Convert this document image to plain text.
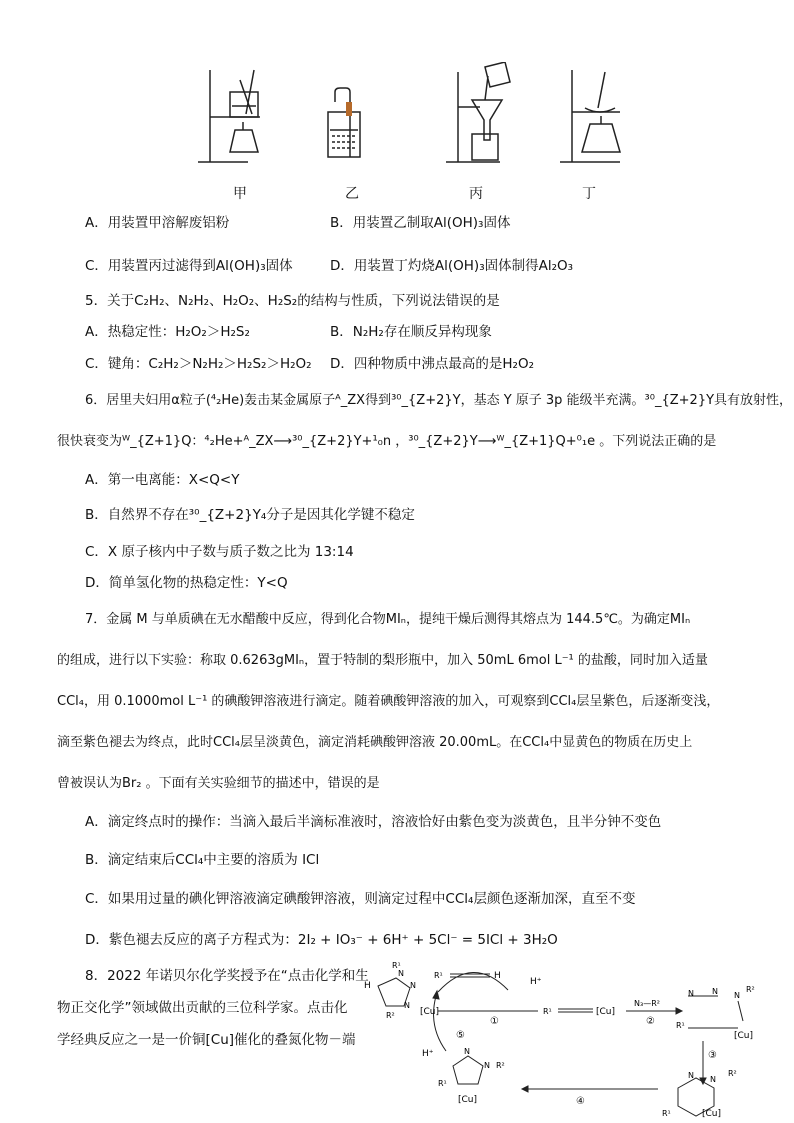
甲	乙	丙	丁
A．用装置甲溶解废铝粉	B．用装置乙制取Al(OH)₃固体
C．用装置丙过滤得到Al(OH)₃固体	D．用装置丁灼烧Al(OH)₃固体制得Al₂O₃
5．关于C₂H₂、N₂H₂、H₂O₂、H₂S₂的结构与性质，下列说法错误的是
A．热稳定性：H₂O₂＞H₂S₂	B．N₂H₂存在顺反异构现象
C．键角：C₂H₂＞N₂H₂＞H₂S₂＞H₂O₂ D．四种物质中沸点最高的是H₂O₂
6．居里夫妇用α粒子(⁴₂He)轰击某金属原子ᴬ_ZX得到³⁰_{Z+2}Y，基态 Y 原子 3p 能级半充满。³⁰_{Z+2}Y具有放射性，
很快衰变为ᵂ_{Z+1}Q：⁴₂He+ᴬ_ZX⟶³⁰_{Z+2}Y+¹₀n ，³⁰_{Z+2}Y⟶ᵂ_{Z+1}Q+⁰₁e 。下列说法正确的是
A．第一电离能：X<Q<Y
B．自然界不存在³⁰_{Z+2}Y₄分子是因其化学键不稳定
C．X 原子核内中子数与质子数之比为 13:14
D．简单氢化物的热稳定性：Y<Q
7．金属 M 与单质碘在无水醋酸中反应，得到化合物MIₙ，提纯干燥后测得其熔点为 144.5℃。为确定MIₙ
的组成，进行以下实验：称取 0.6263gMIₙ，置于特制的梨形瓶中，加入 50mL 6mol L⁻¹ 的盐酸，同时加入适量
CCl₄，用 0.1000mol L⁻¹ 的碘酸钾溶液进行滴定。随着碘酸钾溶液的加入，可观察到CCl₄层呈紫色，后逐渐变浅，
滴至紫色褪去为终点，此时CCl₄层呈淡黄色，滴定消耗碘酸钾溶液 20.00mL。在CCl₄中显黄色的物质在历史上
曾被误认为Br₂ 。下面有关实验细节的描述中，错误的是
A．滴定终点时的操作：当滴入最后半滴标准液时，溶液恰好由紫色变为淡黄色，且半分钟不变色
B．滴定结束后CCl₄中主要的溶质为 ICl
C．如果用过量的碘化钾溶液滴定碘酸钾溶液，则滴定过程中CCl₄层颜色逐渐加深，直至不变
D．紫色褪去反应的离子方程式为：2I₂ + IO₃⁻ + 6H⁺ + 5Cl⁻ = 5ICl + 3H₂O
8．2022 年诺贝尔化学奖授予在“点击化学和生
物正交化学”领域做出贡献的三位科学家。点击化
学经典反应之一是一价铜[Cu]催化的叠氮化物－端
N
N
N
R¹
H
R²
R¹	H
H⁺
[Cu]
①
R¹	[Cu]
N₃—R²
②
N N N
R²
R¹
[Cu]
③
N N
R²
R¹	[Cu]
④
H⁺
⑤
N
N R²
R¹
[Cu]
